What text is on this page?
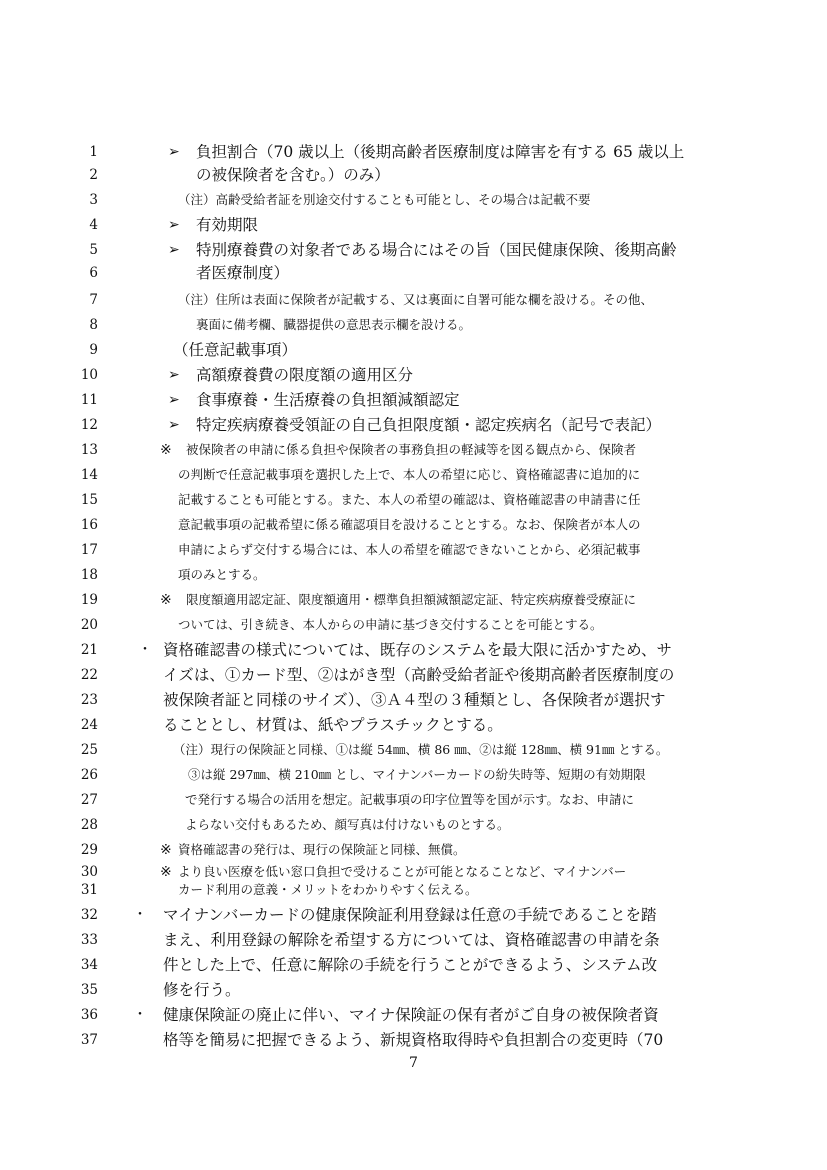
1	➢ 負担割合（70 歳以上（後期高齢者医療制度は障害を有する 65 歳以上
2	の被保険者を含む。）のみ）
3	（注）高齢受給者証を別途交付することも可能とし、その場合は記載不要
4	➢ 有効期限
5	➢ 特別療養費の対象者である場合にはその旨（国民健康保険、後期高齢
6	者医療制度）
7	（注）住所は表面に保険者が記載する、又は裏面に自署可能な欄を設ける。その他、
8	裏面に備考欄、臓器提供の意思表示欄を設ける。
9	（任意記載事項）
10	➢ 高額療養費の限度額の適用区分
11	➢ 食事療養・生活療養の負担額減額認定
12	➢ 特定疾病療養受領証の自己負担限度額・認定疾病名（記号で表記）
13	※ 被保険者の申請に係る負担や保険者の事務負担の軽減等を図る観点から、保険者
14	の判断で任意記載事項を選択した上で、本人の希望に応じ、資格確認書に追加的に
15	記載することも可能とする。また、本人の希望の確認は、資格確認書の申請書に任
16	意記載事項の記載希望に係る確認項目を設けることとする。なお、保険者が本人の
17	申請によらず交付する場合には、本人の希望を確認できないことから、必須記載事
18	項のみとする。
19	※ 限度額適用認定証、限度額適用・標準負担額減額認定証、特定疾病療養受療証に
20	ついては、引き続き、本人からの申請に基づき交付することを可能とする。
21	・ 資格確認書の様式については、既存のシステムを最大限に活かすため、サ
22	イズは、①カード型、②はがき型（高齢受給者証や後期高齢者医療制度の
23	被保険者証と同様のサイズ）、③Ａ４型の３種類とし、各保険者が選択す
24	ることとし、材質は、紙やプラスチックとする。
25	（注）現行の保険証と同様、①は縦 54㎜、横 86 ㎜、②は縦 128㎜、横 91㎜ とする。
26	③は縦 297㎜、横 210㎜ とし、マイナンバーカードの紛失時等、短期の有効期限
27	で発行する場合の活用を想定。記載事項の印字位置等を国が示す。なお、申請に
28	よらない交付もあるため、顔写真は付けないものとする。
29	※ 資格確認書の発行は、現行の保険証と同様、無償。
30	※ より良い医療を低い窓口負担で受けることが可能となることなど、マイナンバー
31	カード利用の意義・メリットをわかりやすく伝える。
32	・ マイナンバーカードの健康保険証利用登録は任意の手続であることを踏
33	まえ、利用登録の解除を希望する方については、資格確認書の申請を条
34	件とした上で、任意に解除の手続を行うことができるよう、システム改
35	修を行う。
36	・ 健康保険証の廃止に伴い、マイナ保険証の保有者がご自身の被保険者資
37	格等を簡易に把握できるよう、新規資格取得時や負担割合の変更時（70
7
